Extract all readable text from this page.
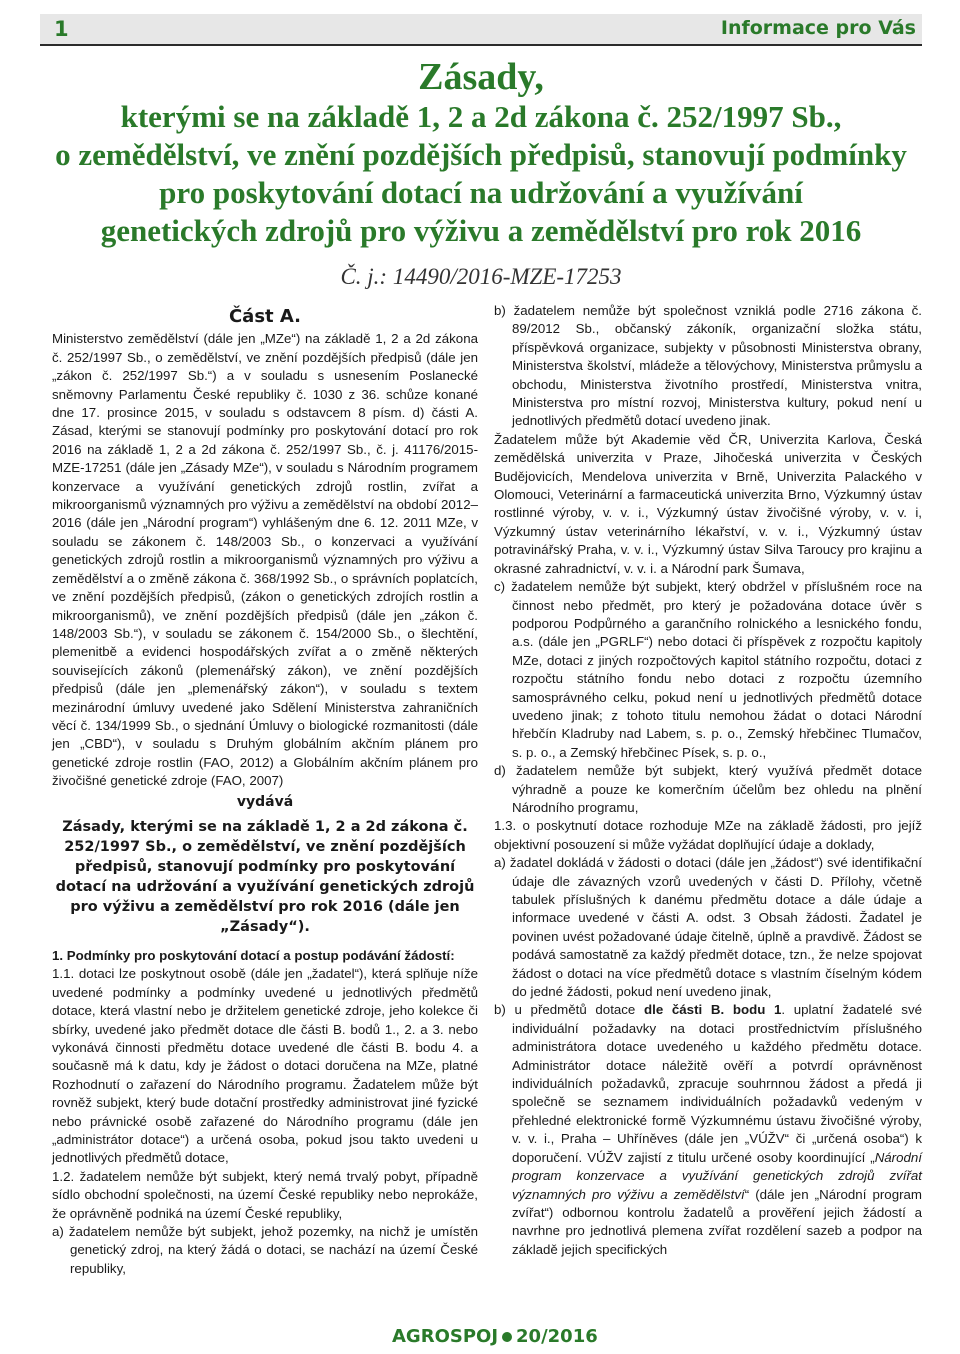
1	Informace pro Vás
Zásady,
kterými se na základě 1, 2 a 2d zákona č. 252/1997 Sb.,
o zemědělství, ve znění pozdějších předpisů, stanovují podmínky
pro poskytování dotací na udržování a využívání
genetických zdrojů pro výživu a zemědělství pro rok 2016
Č. j.: 14490/2016-MZE-17253
Část A.

Ministerstvo zemědělství (dále jen „MZe“) na základě 1, 2 a 2d zákona č. 252/1997 Sb., o zemědělství, ve znění pozdějších předpisů (dále jen „zákon č. 252/1997 Sb.“) a v souladu s usnesením Poslanecké sněmovny Parlamentu České republiky č. 1030 z 36. schůze konané dne 17. prosince 2015, v souladu s odstavcem 8 písm. d) části A. Zásad, kterými se stanovují podmínky pro poskytování dotací pro rok 2016 na základě 1, 2 a 2d zákona č. 252/1997 Sb., č. j. 41176/2015-MZE-17251 (dále jen „Zásady MZe“), v souladu s Národním programem konzervace a využívání genetických zdrojů rostlin, zvířat a mikroorganismů významných pro výživu a zemědělství na období 2012–2016 (dále jen „Národní program“) vyhlášeným dne 6. 12. 2011 MZe, v souladu se zákonem č. 148/2003 Sb., o konzervaci a využívání genetických zdrojů rostlin a mikroorganismů významných pro výživu a zemědělství a o změně zákona č. 368/1992 Sb., o správních poplatcích, ve znění pozdějších předpisů, (zákon o genetických zdrojích rostlin a mikroorganismů), ve znění pozdějších předpisů (dále jen „zákon č. 148/2003 Sb.“), v souladu se zákonem č. 154/2000 Sb., o šlechtění, plemenitbě a evidenci hospodářských zvířat a o změně některých souvisejících zákonů (plemenářský zákon), ve znění pozdějších předpisů (dále jen „plemenářský zákon“), v souladu s textem mezinárodní úmluvy uvedené jako Sdělení Ministerstva zahraničních věcí č. 134/1999 Sb., o sjednání Úmluvy o biologické rozmanitosti (dále jen „CBD“), v souladu s Druhým globálním akčním plánem pro genetické zdroje rostlin (FAO, 2012) a Globálním akčním plánem pro živočišné genetické zdroje (FAO, 2007)

vydává
Zásady, kterými se na základě 1, 2 a 2d zákona č. 252/1997 Sb., o zemědělství, ve znění pozdějších předpisů, stanovují podmínky pro poskytování dotací na udržování a využívání genetických zdrojů pro výživu a zemědělství pro rok 2016 (dále jen „Zásady“).

1. Podmínky pro poskytování dotací a postup podávání žádostí:

1.1. dotaci lze poskytnout osobě (dále jen „žadatel“), která splňuje níže uvedené podmínky a podmínky uvedené u jednotlivých předmětů dotace, která vlastní nebo je držitelem genetické zdroje, jeho kolekce či sbírky, uvedené jako předmět dotace dle části B. bodů 1., 2. a 3. nebo vykonává činnosti předmětu dotace uvedené dle části B. bodu 4. a současně má k datu, kdy je žádost o dotaci doručena na MZe, platné Rozhodnutí o zařazení do Národního programu. Žadatelem může být rovněž subjekt, který bude dotační prostředky administrovat jiné fyzické nebo právnické osobě zařazené do Národního programu (dále jen „administrátor dotace“) a určená osoba, pokud jsou takto uvedeni u jednotlivých předmětů dotace,

1.2. žadatelem nemůže být subjekt, který nemá trvalý pobyt, případně sídlo obchodní společnosti, na území České republiky nebo neprokáže, že oprávněně podniká na území České republiky,

a) žadatelem nemůže být subjekt, jehož pozemky, na nichž je umístěn genetický zdroj, na který žádá o dotaci, se nachází na území České republiky,

b) žadatelem nemůže být společnost vzniklá podle 2716 zákona č. 89/2012 Sb., občanský zákoník, organizační složka státu, příspěvková organizace, subjekty v působnosti Ministerstva obrany, Ministerstva školství, mládeže a tělovýchovy, Ministerstva průmyslu a obchodu, Ministerstva životního prostředí, Ministerstva vnitra, Ministerstva pro místní rozvoj, Ministerstva kultury, pokud není u jednotlivých předmětů dotací uvedeno jinak.

Žadatelem může být Akademie věd ČR, Univerzita Karlova, Česká zemědělská univerzita v Praze, Jihočeská univerzita v Českých Budějovicích, Mendelova univerzita v Brně, Univerzita Palackého v Olomouci, Veterinární a farmaceutická univerzita Brno, Výzkumný ústav rostlinné výroby, v. v. i., Výzkumný ústav živočišné výroby, v. v. i, Výzkumný ústav veterinárního lékařství, v. v. i., Výzkumný ústav potravinářský Praha, v. v. i., Výzkumný ústav Silva Taroucy pro krajinu a okrasné zahradnictví, v. v. i. a Národní park Šumava,

c) žadatelem nemůže být subjekt, který obdržel v příslušném roce na činnost nebo předmět, pro který je požadována dotace úvěr s podporou Podpůrného a garančního rolnického a lesnického fondu, a.s. (dále jen „PGRLF“) nebo dotaci či příspěvek z rozpočtu kapitoly MZe, dotaci z jiných rozpočtových kapitol státního rozpočtu, dotaci z rozpočtu státního fondu nebo dotaci z rozpočtu územního samosprávného celku, pokud není u jednotlivých předmětů dotace uvedeno jinak; z tohoto titulu nemohou žádat o dotaci Národní hřebčín Kladruby nad Labem, s. p. o., Zemský hřebčinec Tlumačov, s. p. o., a Zemský hřebčinec Písek, s. p. o.,

d) žadatelem nemůže být subjekt, který využívá předmět dotace výhradně a pouze ke komerčním účelům bez ohledu na plnění Národního programu,

1.3. o poskytnutí dotace rozhoduje MZe na základě žádosti, pro jejíž objektivní posouzení si může vyžádat doplňující údaje a doklady,

a) žadatel dokládá v žádosti o dotaci (dále jen „žádost“) své identifikační údaje dle závazných vzorů uvedených v části D. Přílohy, včetně tabulek příslušných k danému předmětu dotace a dále údaje a informace uvedené v části A. odst. 3 Obsah žádosti. Žadatel je povinen uvést požadované údaje čitelně, úplně a pravdivě. Žádost se podává samostatně za každý předmět dotace, tzn., že nelze spojovat žádost o dotaci na více předmětů dotace s vlastním číselným kódem do jedné žádosti, pokud není uvedeno jinak,

b) u předmětů dotace dle části B. bodu 1. uplatní žadatelé své individuální požadavky na dotaci prostřednictvím příslušného administrátora dotace uvedeného u každého předmětu dotace. Administrátor dotace náležitě ověří a potvrdí oprávněnost individuálních požadavků, zpracuje souhrnnou žádost a předá ji společně se seznamem individuálních požadavků vedeným v přehledné elektronické formě Výzkumnému ústavu živočišné výroby, v. v. i., Praha – Uhříněves (dále jen „VÚŽV“ či „určená osoba“) k doporučení. VÚŽV zajistí z titulu určené osoby koordinující „Národní program konzervace a využívání genetických zdrojů zvířat významných pro výživu a zemědělství“ (dále jen „Národní program zvířat“) odbornou kontrolu žadatelů a prověření jejich žádostí a navrhne pro jednotlivá plemena zvířat rozdělení sazeb a podpor na základě jejich specifických

AGROSPOJ 20/2016
